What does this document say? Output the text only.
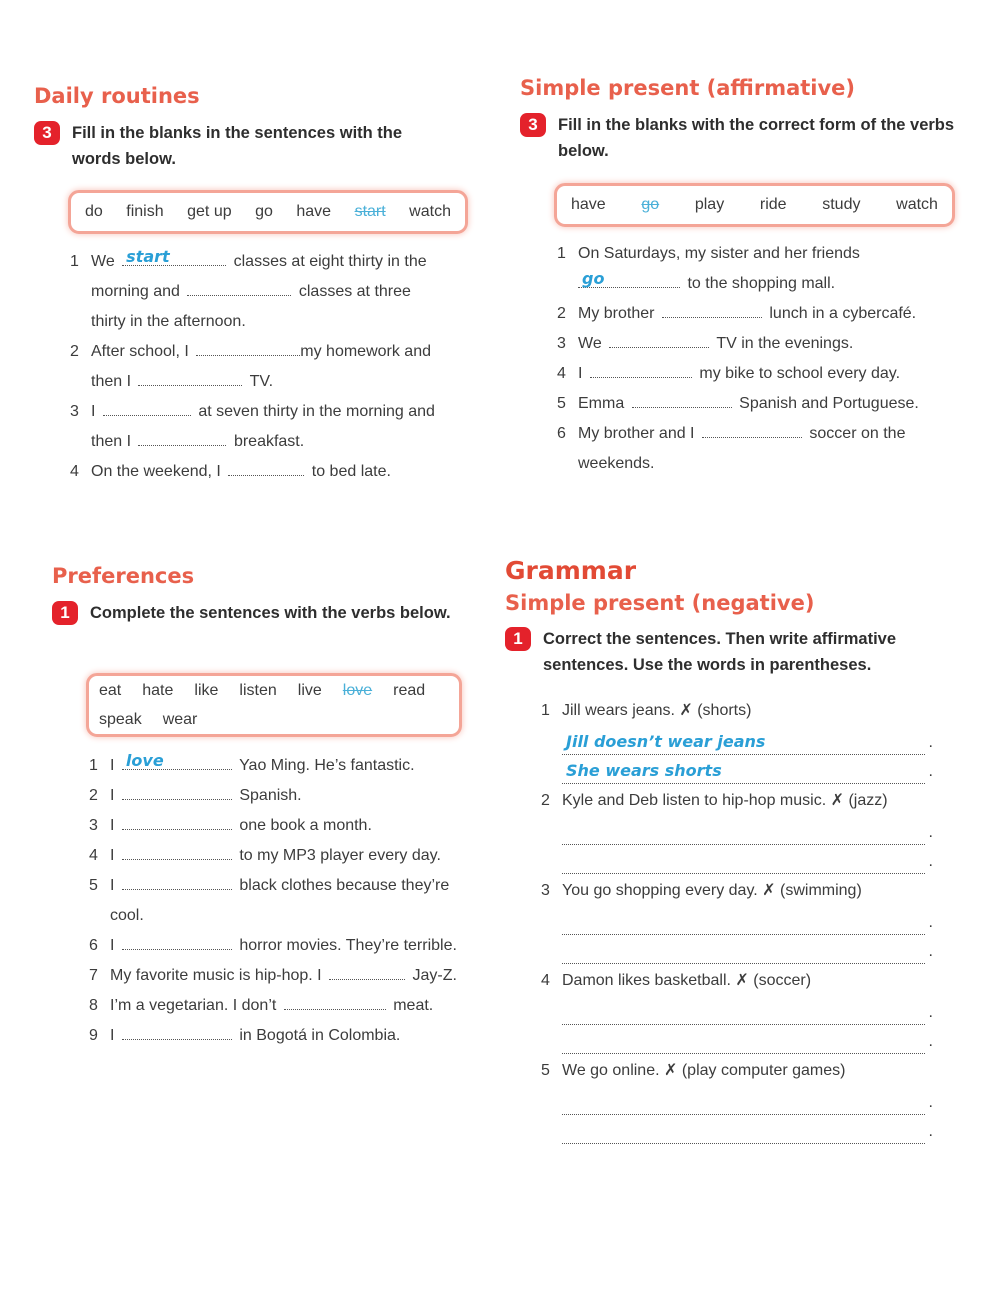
Daily routines
3	Fill in the blanks in the sentences with the words below.
do finish get up go have start watch
1 We start	classes at eight thirty in the
morning and	classes at three
thirty in the afternoon.
2 After school, I	my homework and
then I	TV.
3 I	at seven thirty in the morning and
then I	breakfast.
4 On the weekend, I	to bed late.
Simple present (affirmative)
3	Fill in the blanks with the correct form of the verbs below.
have go play ride study watch
1 On Saturdays, my sister and her friends

go	to the shopping mall.
2 My brother	lunch in a cybercafé.
3 We	TV in the evenings.
4 I	my bike to school every day.
5 Emma	Spanish and Portuguese.
6 My brother and I	soccer on the
weekends.
Preferences
1	Complete the sentences with the verbs below.
eat hate like listen live love read
speak wear
1 I love	Yao Ming. He’s fantastic.
2 I	Spanish.
3 I	one book a month.
4 I	to my MP3 player every day.
5 I	black clothes because they’re
cool.
6 I	horror movies. They’re terrible.
7 My favorite music is hip-hop. I	Jay-Z.
8 I’m a vegetarian. I don’t	meat.
9 I	in Bogotá in Colombia.
Grammar
Simple present (negative)
1	Correct the sentences. Then write affirmative sentences. Use the words in parentheses.
1 Jill wears jeans. ✗ (shorts)
Jill doesn’t wear jeans	.
She wears shorts	.
2 Kyle and Deb listen to hip-hop music. ✗ (jazz)
.
.
3 You go shopping every day. ✗ (swimming)
.
.
4 Damon likes basketball. ✗ (soccer)
.
.
5 We go online. ✗ (play computer games)
.
.
